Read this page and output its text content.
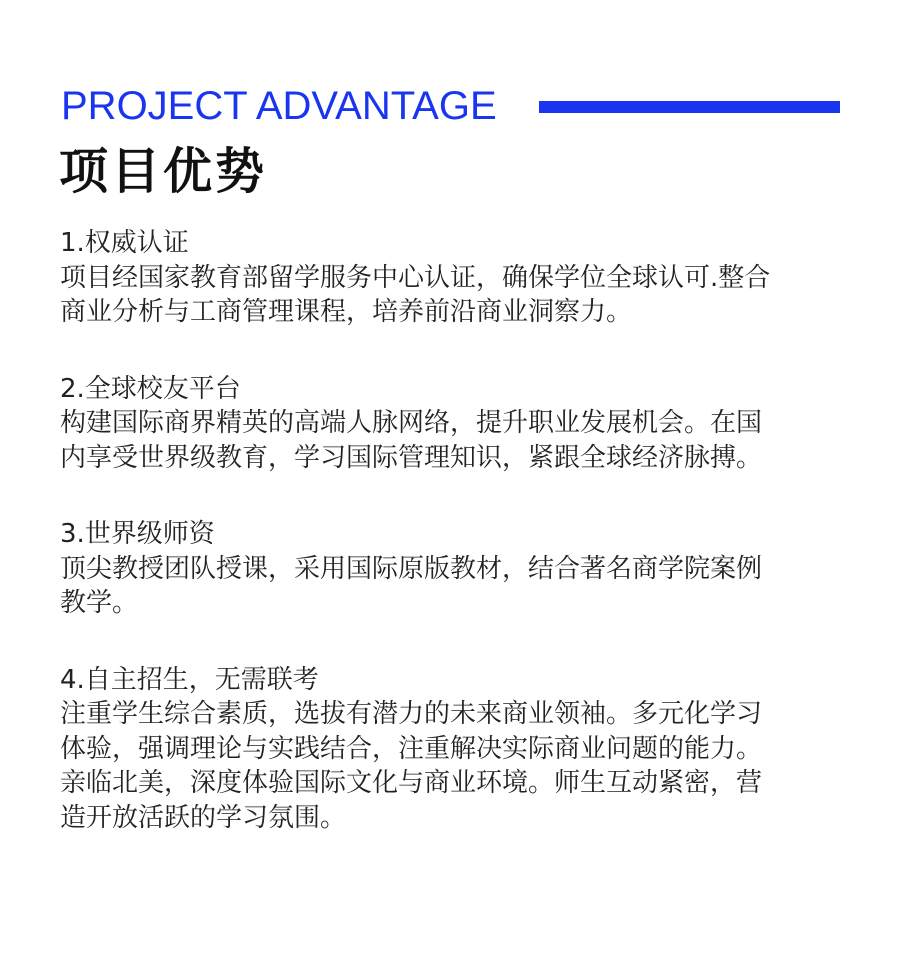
PROJECT ADVANTAGE
项目优势

1.权威认证

项目经国家教育部留学服务中心认证，确保学位全球认可.整合

商业分析与工商管理课程，培养前沿商业洞察力。

2.全球校友平台

构建国际商界精英的高端人脉网络，提升职业发展机会。在国

内享受世界级教育，学习国际管理知识，紧跟全球经济脉搏。

3.世界级师资

顶尖教授团队授课，采用国际原版教材，结合著名商学院案例

教学。

4.自主招生，无需联考

注重学生综合素质，选拔有潜力的未来商业领袖。多元化学习

体验，强调理论与实践结合，注重解决实际商业问题的能力。

亲临北美，深度体验国际文化与商业环境。师生互动紧密，营

造开放活跃的学习氛围。
